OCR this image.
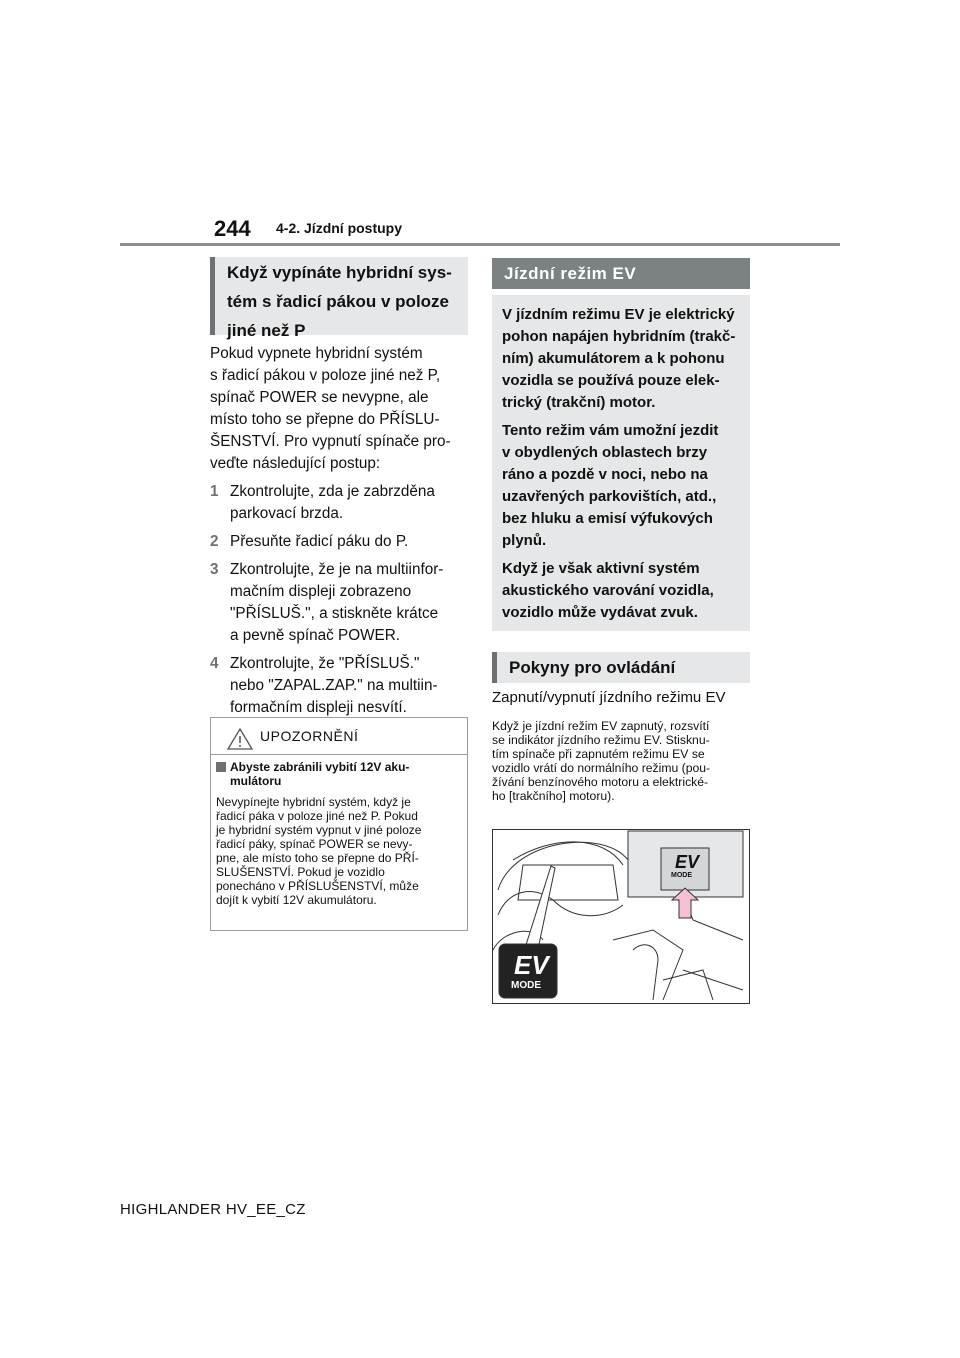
244 4-2. Jízdní postupy
Když vypínáte hybridní sys-
tém s řadicí pákou v poloze
jiné než P

Pokud vypnete hybridní systém

s řadicí pákou v poloze jiné než P,

spínač POWER se nevypne, ale

místo toho se přepne do PŘÍSLU-

ŠENSTVÍ. Pro vypnutí spínače pro-

veďte následující postup:

1 Zkontrolujte, zda je zabrzděna
parkovací brzda.
2 Přesuňte řadicí páku do P.
3 Zkontrolujte, že je na multiinfor-
mačním displeji zobrazeno
"PŘÍSLUŠ.", a stiskněte krátce
a pevně spínač POWER.
4 Zkontrolujte, že "PŘÍSLUŠ."
nebo "ZAPAL.ZAP." na multiin-
formačním displeji nesvítí.
UPOZORNĚNÍ
Abyste zabránili vybití 12V aku-
mulátoru
Nevypínejte hybridní systém, když je
řadicí páka v poloze jiné než P. Pokud
je hybridní systém vypnut v jiné poloze
řadicí páky, spínač POWER se nevy-
pne, ale místo toho se přepne do PŘÍ-
SLUŠENSTVÍ. Pokud je vozidlo
ponecháno v PŘÍSLUŠENSTVÍ, může
dojít k vybití 12V akumulátoru.
Jízdní režim EV

V jízdním režimu EV je elektrický
pohon napájen hybridním (trakč-
ním) akumulátorem a k pohonu
vozidla se používá pouze elek-
trický (trakční) motor.

Tento režim vám umožní jezdit
v obydlených oblastech brzy
ráno a pozdě v noci, nebo na
uzavřených parkovištích, atd.,
bez hluku a emisí výfukových
plynů.

Když je však aktivní systém
akustického varování vozidla,
vozidlo může vydávat zvuk.

Pokyny pro ovládání
Zapnutí/vypnutí jízdního režimu EV
Když je jízdní režim EV zapnutý, rozsvítí
se indikátor jízdního režimu EV. Stisknu-
tím spínače při zapnutém režimu EV se
vozidlo vrátí do normálního režimu (pou-
žívání benzínového motoru a elektrické-
ho [trakčního] motoru).
EV
MODE
EV
MODE
HIGHLANDER HV_EE_CZ
